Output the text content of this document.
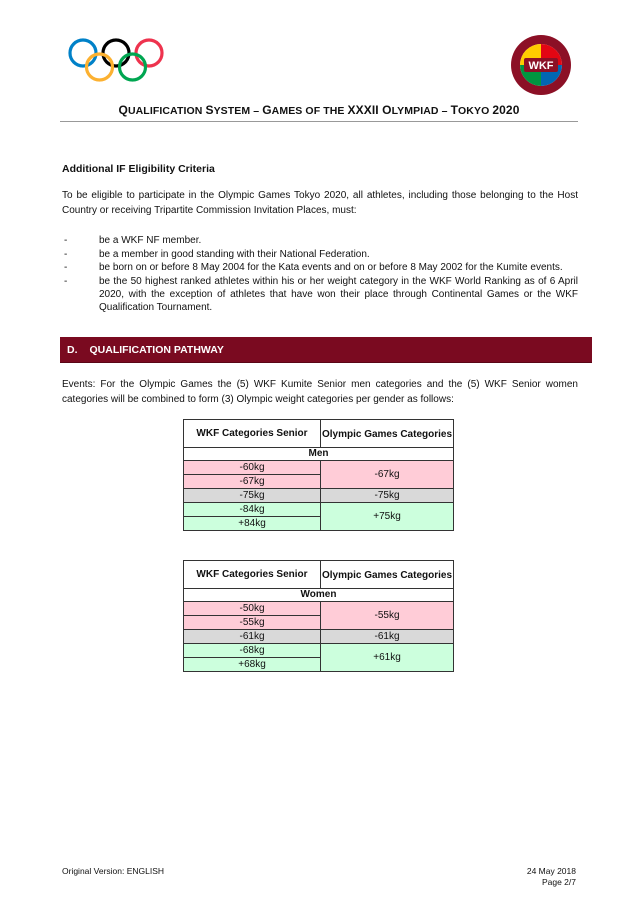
WKF
QUALIFICATION SYSTEM – GAMES OF THE XXXII OLYMPIAD – TOKYO 2020
Additional IF Eligibility Criteria
To be eligible to participate in the Olympic Games Tokyo 2020, all athletes, including those belonging to the Host Country or receiving Tripartite Commission Invitation Places, must:
-	be a WKF NF member.
-	be a member in good standing with their National Federation.
-	be born on or before 8 May 2004 for the Kata events and on or before 8 May 2002 for the Kumite events.
-	be the 50 highest ranked athletes within his or her weight category in the WKF World Ranking as of 6 April 2020, with the exception of athletes that have won their place through Continental Games or the WKF Qualification Tournament.
D. QUALIFICATION PATHWAY
Events: For the Olympic Games the (5) WKF Kumite Senior men categories and the (5) WKF Senior women categories will be combined to form (3) Olympic weight categories per gender as follows:
WKF Categories Senior	Olympic Games Categories
Men	
-60kg	-67kg
-67kg	
-75kg	-75kg
-84kg	+75kg
+84kg	
WKF Categories Senior	Olympic Games Categories
Women	
-50kg	-55kg
-55kg	
-61kg	-61kg
-68kg	+61kg
+68kg	
Original Version: ENGLISH	24 May 2018
Page 2/7
